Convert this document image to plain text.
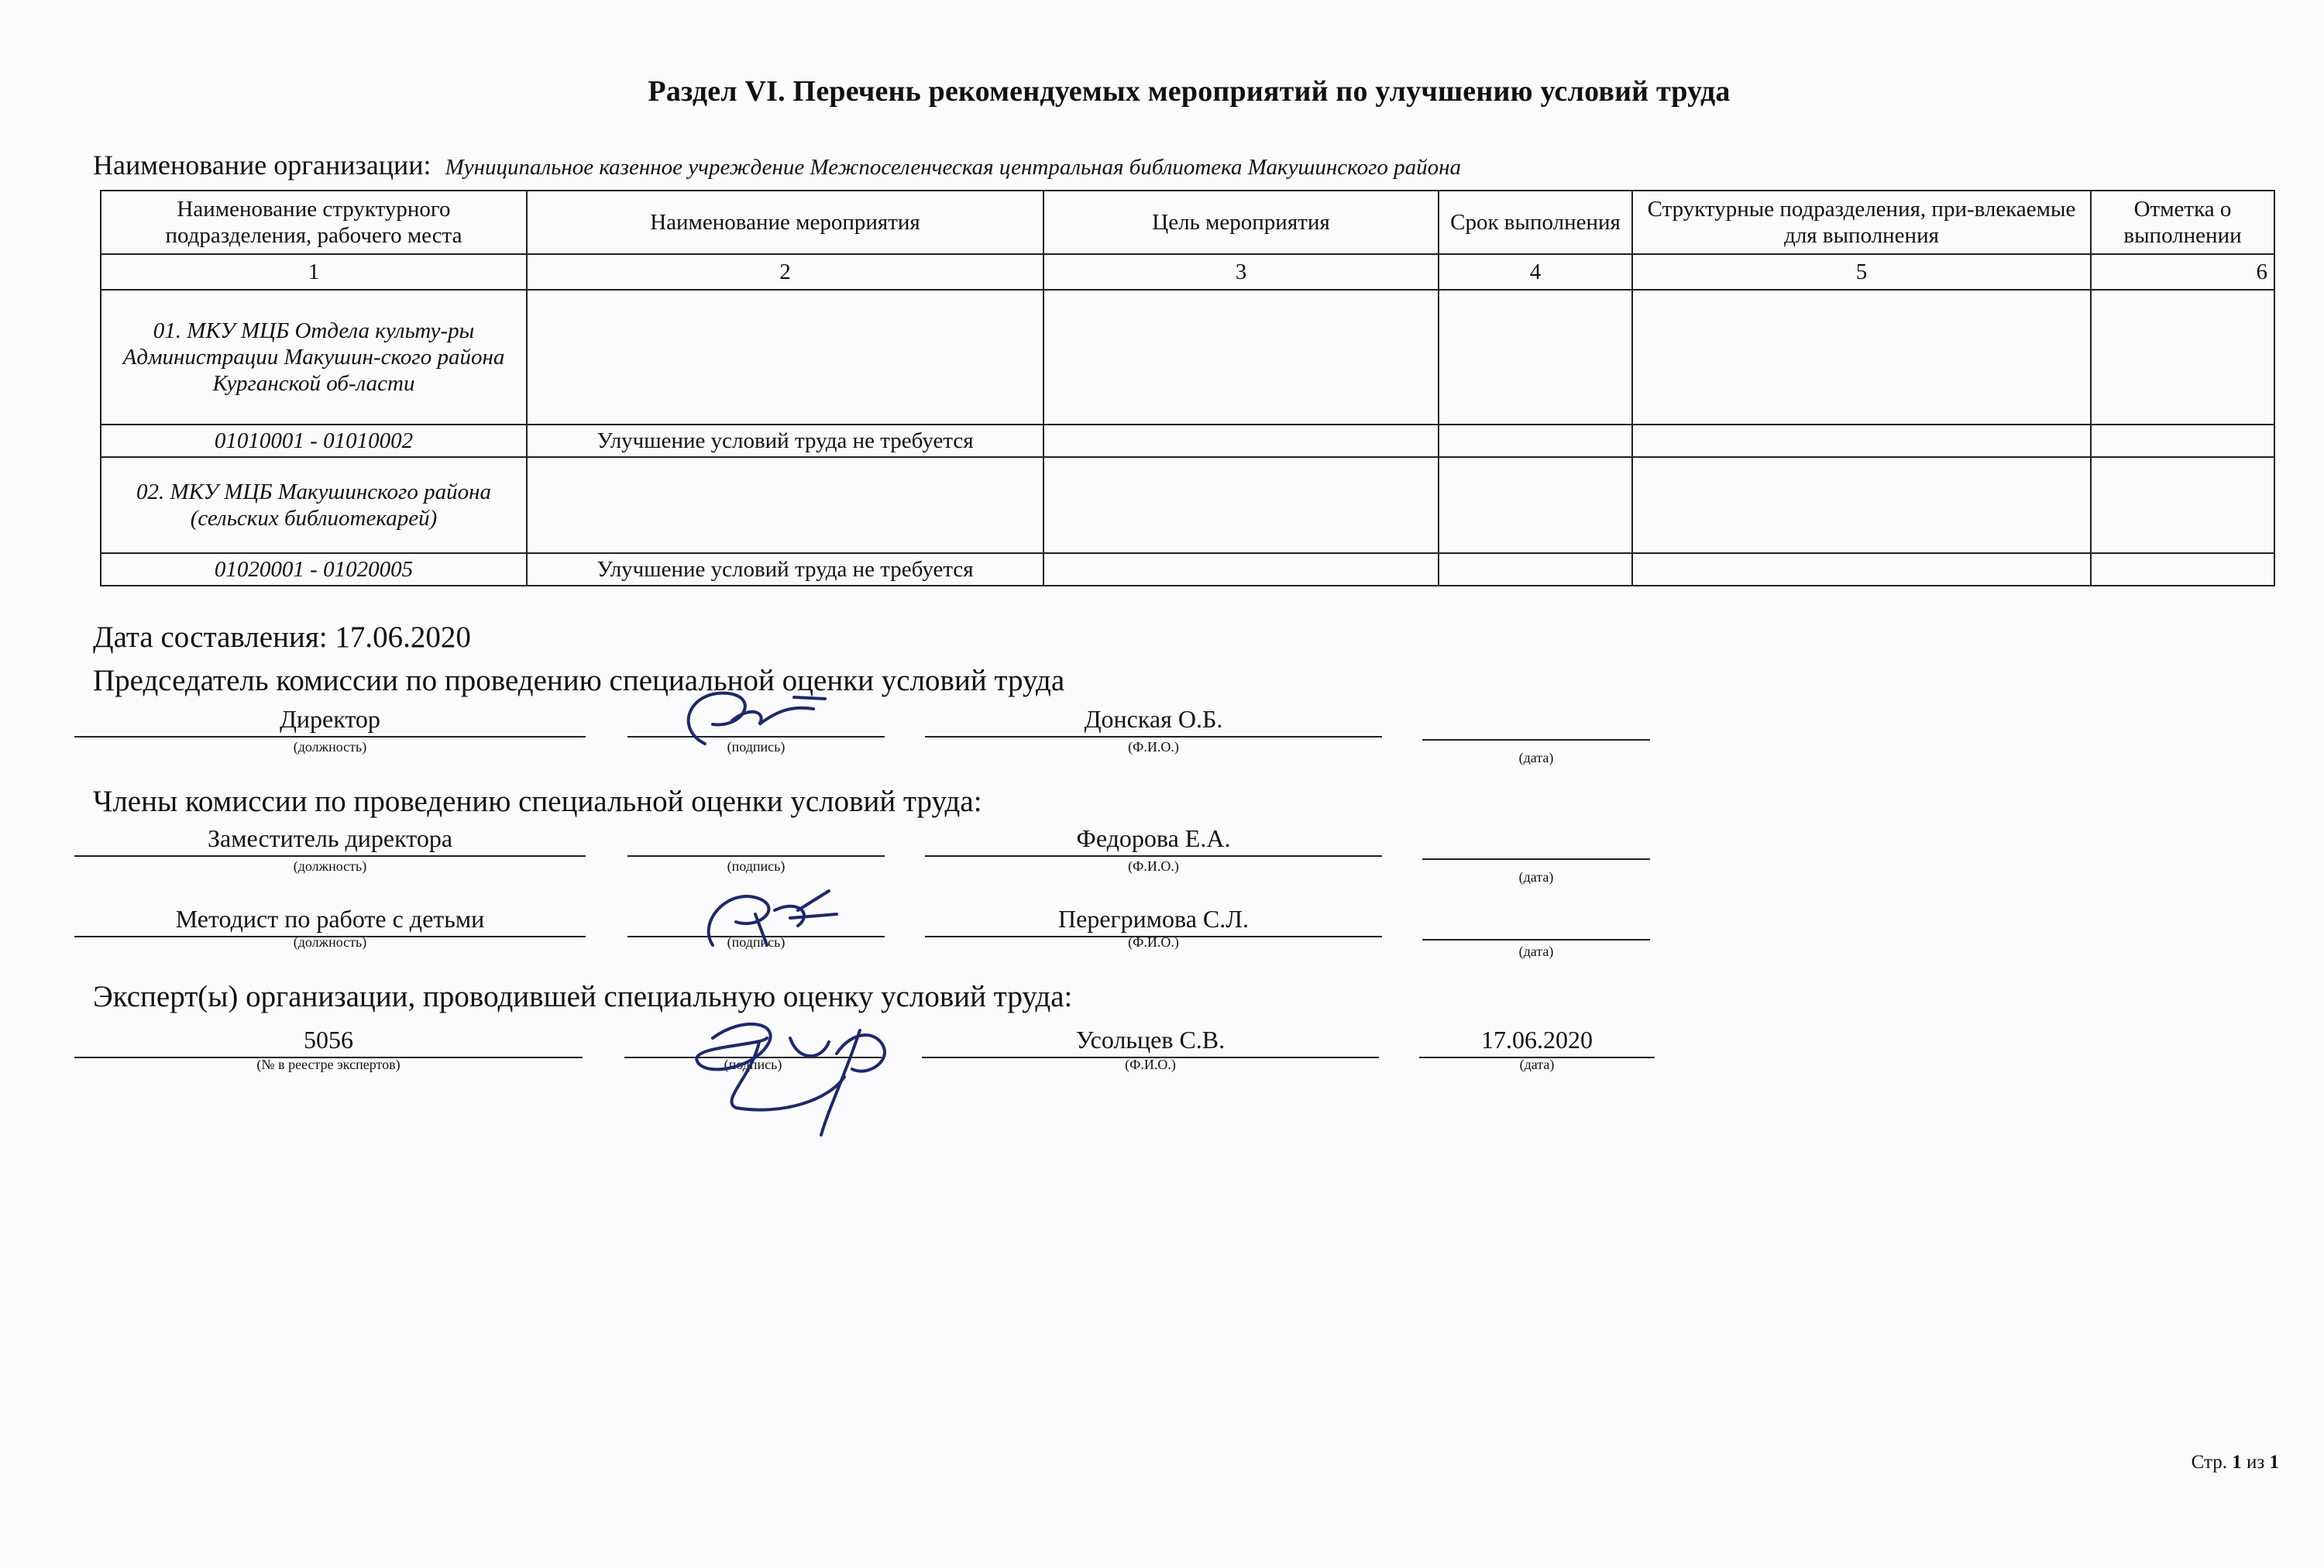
Раздел VI. Перечень рекомендуемых мероприятий по улучшению условий труда
Наименование организации: Муниципальное казенное учреждение Межпоселенческая центральная библиотека Макушинского района
Наименование структурного подразделения, рабочего места	Наименование мероприятия	Цель мероприятия	Срок выполнения	Структурные подразделения, при-влекаемые для выполнения	Отметка о выполнении
1	2	3	4	5	6
01. МКУ МЦБ Отдела культу-ры Администрации Макушин-ского района Курганской об-ласти					
01010001 - 01010002	Улучшение условий труда не требуется				
02. МКУ МЦБ Макушинского района (сельских библиотекарей)					
01020001 - 01020005	Улучшение условий труда не требуется				
Дата составления: 17.06.2020
Председатель комиссии по проведению специальной оценки условий труда
Директор
(должность)	(подпись)
Донская О.Б.
(Ф.И.О.)
(дата)
Члены комиссии по проведению специальной оценки условий труда:
Заместитель директора
(должность)	(подпись)
Федорова Е.А.
(Ф.И.О.)
(дата)
Методист по работе с детьми
(должность)	(подпись)
Перегримова С.Л.
(Ф.И.О.)
(дата)
Эксперт(ы) организации, проводившей специальную оценку условий труда:
5056
(№ в реестре экспертов)	(подпись)
Усольцев С.В.
(Ф.И.О.)
17.06.2020
(дата)
Стр. 1 из 1
